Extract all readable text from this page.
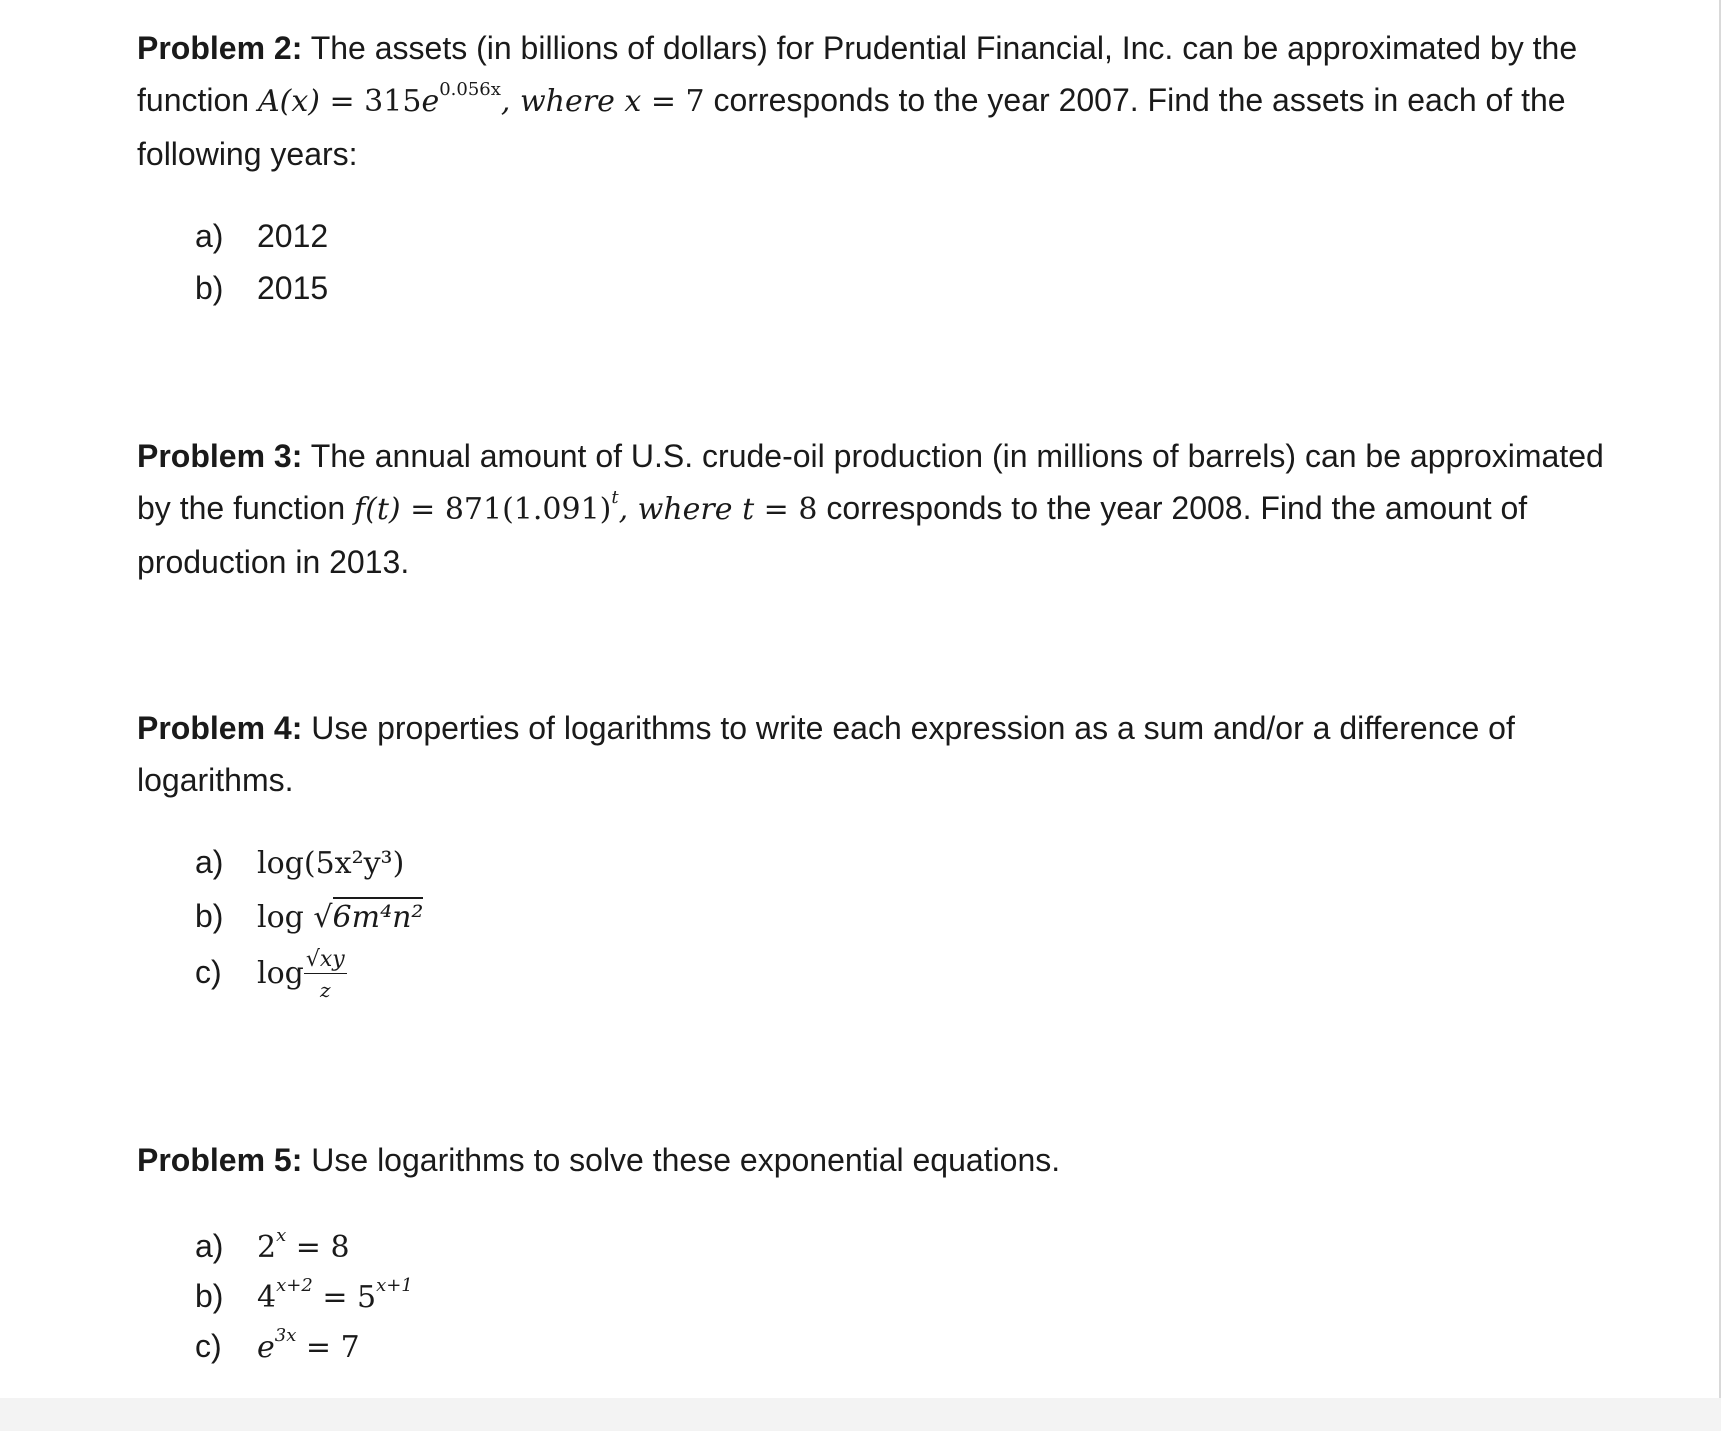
Problem 2: The assets (in billions of dollars) for Prudential Financial, Inc. can be approximated by the
function $A(x) = 315e^{0.056x}$, where x = 7 corresponds to the year 2007. Find the assets in each of the
following years:
a) 2012
b) 2015
Problem 3: The annual amount of U.S. crude-oil production (in millions of barrels) can be approximated
by the function $f(t) = 871(1.091)^t$, where t = 8 corresponds to the year 2008. Find the amount of
production in 2013.
Problem 4: Use properties of logarithms to write each expression as a sum and/or a difference of
logarithms.
a) log(5x²y³)
b) log √6m⁴n²
c) $\log \frac{√xy}{z}$
Problem 5: Use logarithms to solve these exponential equations.
a) $2^x = 8$
b) $4^{x+2} = 5^{x+1}$
c) $e^{3x} = 7$
